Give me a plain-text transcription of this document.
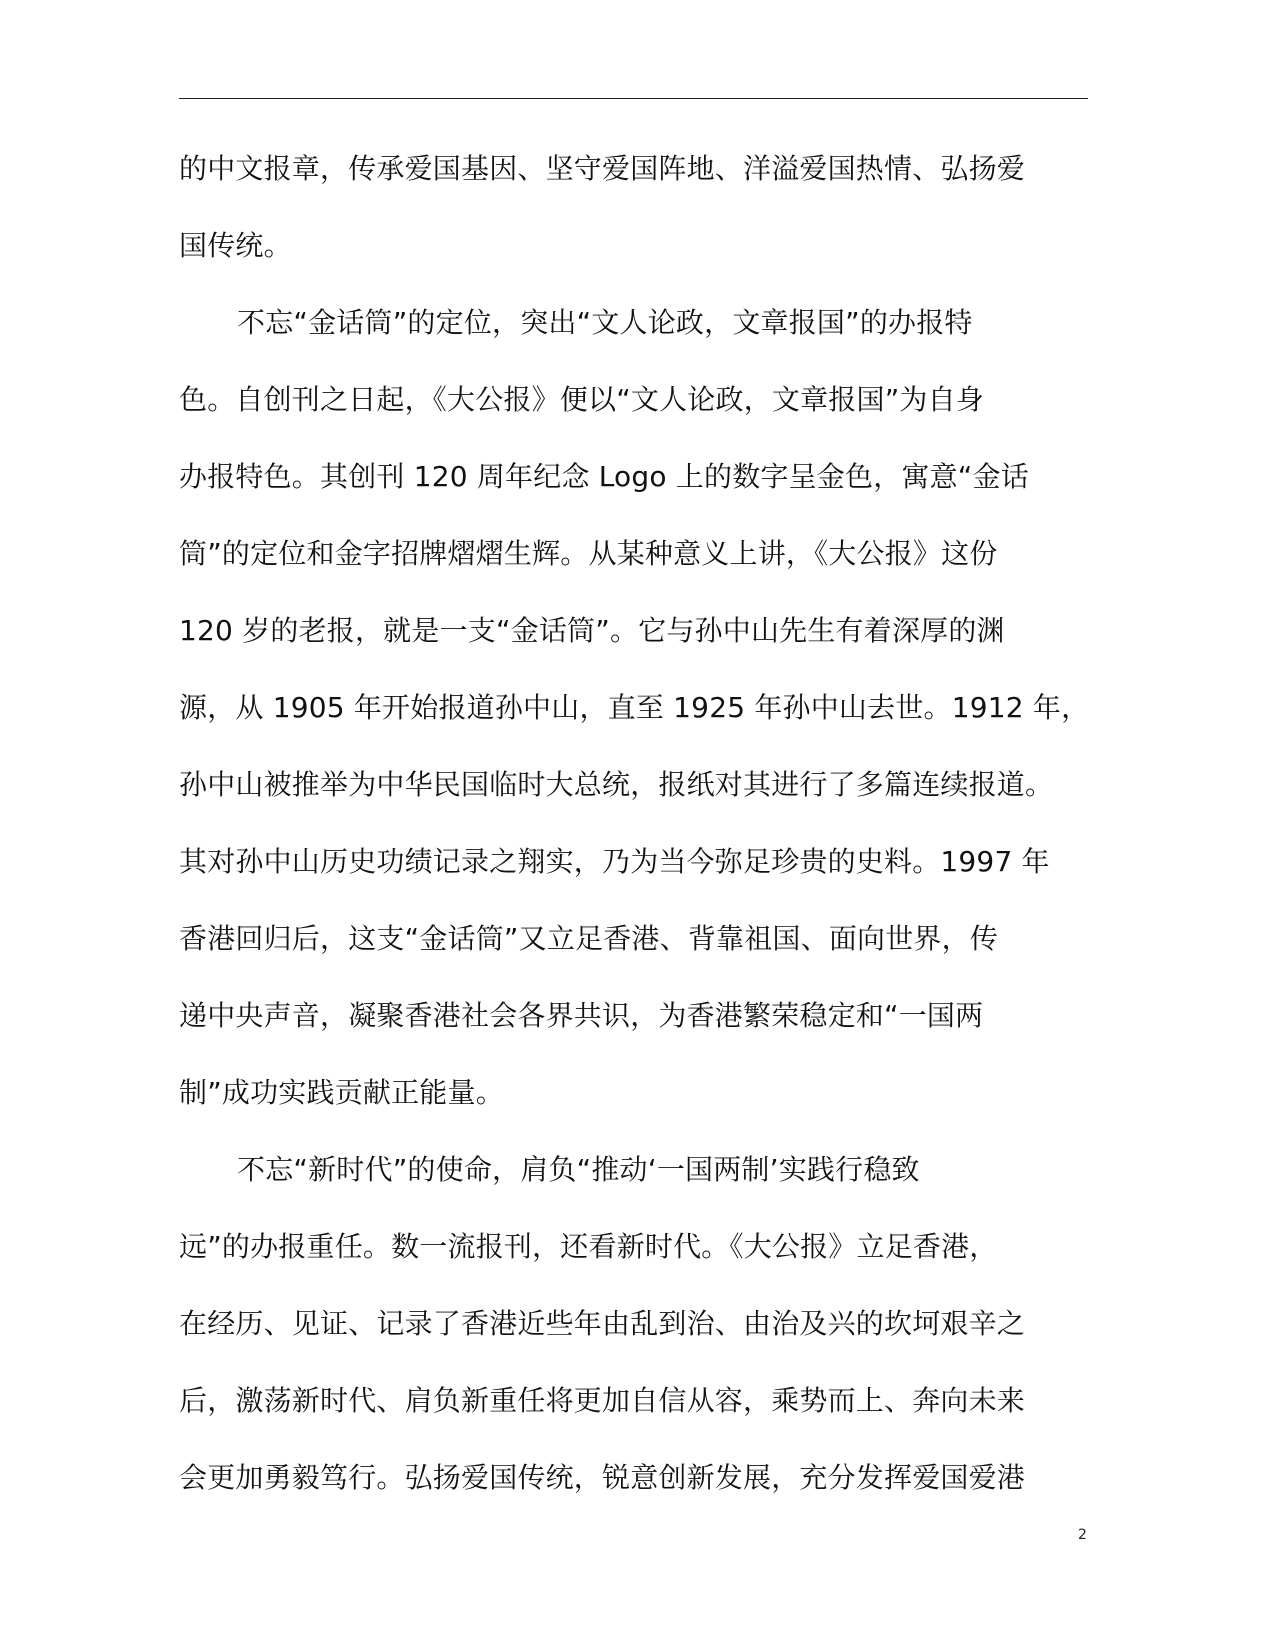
的中文报章，传承爱国基因、坚守爱国阵地、洋溢爱国热情、弘扬爱
国传统。
不忘“金话筒”的定位，突出“文人论政，文章报国”的办报特
色。自创刊之日起，《大公报》便以“文人论政，文章报国”为自身
办报特色。其创刊 120 周年纪念 Logo 上的数字呈金色，寓意“金话
筒”的定位和金字招牌熠熠生辉。从某种意义上讲，《大公报》这份
120 岁的老报，就是一支“金话筒”。它与孙中山先生有着深厚的渊
源，从 1905 年开始报道孙中山，直至 1925 年孙中山去世。1912 年，
孙中山被推举为中华民国临时大总统，报纸对其进行了多篇连续报道。
其对孙中山历史功绩记录之翔实，乃为当今弥足珍贵的史料。1997 年
香港回归后，这支“金话筒”又立足香港、背靠祖国、面向世界，传
递中央声音，凝聚香港社会各界共识，为香港繁荣稳定和“一国两
制”成功实践贡献正能量。
不忘“新时代”的使命，肩负“推动‘一国两制’实践行稳致
远”的办报重任。数一流报刊，还看新时代。《大公报》立足香港，
在经历、见证、记录了香港近些年由乱到治、由治及兴的坎坷艰辛之
后，激荡新时代、肩负新重任将更加自信从容，乘势而上、奔向未来
会更加勇毅笃行。弘扬爱国传统，锐意创新发展，充分发挥爱国爱港
2
